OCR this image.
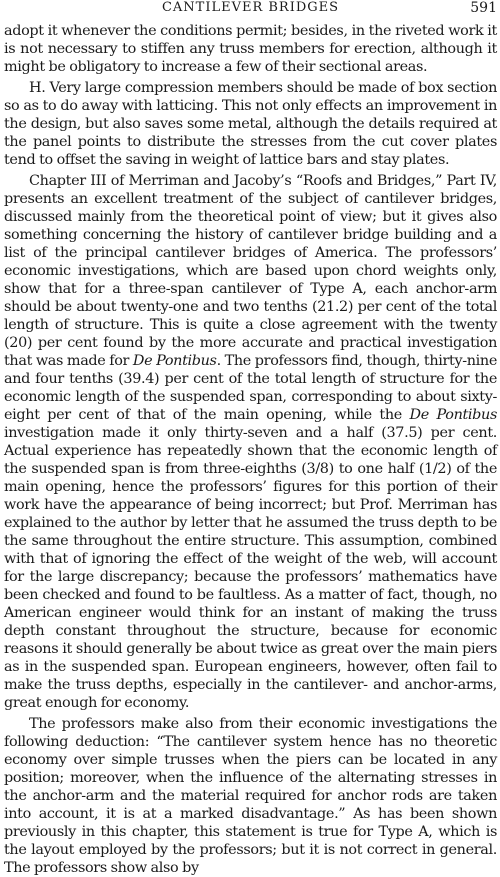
CANTILEVER BRIDGES	591

adopt it whenever the conditions permit; besides, in the riveted work it is not necessary to stiffen any truss members for erection, although it might be obligatory to increase a few of their sectional areas.

H. Very large compression members should be made of box section so as to do away with latticing. This not only effects an improvement in the design, but also saves some metal, although the details required at the panel points to distribute the stresses from the cut cover plates tend to offset the saving in weight of lattice bars and stay plates.

Chapter III of Merriman and Jacoby’s “Roofs and Bridges,” Part IV, presents an excellent treatment of the subject of cantilever bridges, discussed mainly from the theoretical point of view; but it gives also something concerning the history of cantilever bridge building and a list of the principal cantilever bridges of America. The professors’ economic investigations, which are based upon chord weights only, show that for a three-span cantilever of Type A, each anchor-arm should be about twenty-one and two tenths (21.2) per cent of the total length of structure. This is quite a close agreement with the twenty (20) per cent found by the more accurate and practical investigation that was made for De Pontibus. The professors find, though, thirty-nine and four tenths (39.4) per cent of the total length of structure for the economic length of the suspended span, corresponding to about sixty-eight per cent of that of the main opening, while the De Pontibus investigation made it only thirty-seven and a half (37.5) per cent. Actual experience has repeatedly shown that the economic length of the suspended span is from three-eighths (3/8) to one half (1/2) of the main opening, hence the professors’ figures for this portion of their work have the appearance of being incorrect; but Prof. Merriman has explained to the author by letter that he assumed the truss depth to be the same throughout the entire structure. This assumption, combined with that of ignoring the effect of the weight of the web, will account for the large discrepancy; because the professors’ mathematics have been checked and found to be faultless. As a matter of fact, though, no American engineer would think for an instant of making the truss depth constant throughout the structure, because for economic reasons it should generally be about twice as great over the main piers as in the suspended span. European engineers, however, often fail to make the truss depths, especially in the cantilever- and anchor-arms, great enough for economy.

The professors make also from their economic investigations the following deduction: “The cantilever system hence has no theoretic economy over simple trusses when the piers can be located in any position; moreover, when the influence of the alternating stresses in the anchor-arm and the material required for anchor rods are taken into account, it is at a marked disadvantage.” As has been shown previously in this chapter, this statement is true for Type A, which is the layout employed by the professors; but it is not correct in general. The professors show also by
